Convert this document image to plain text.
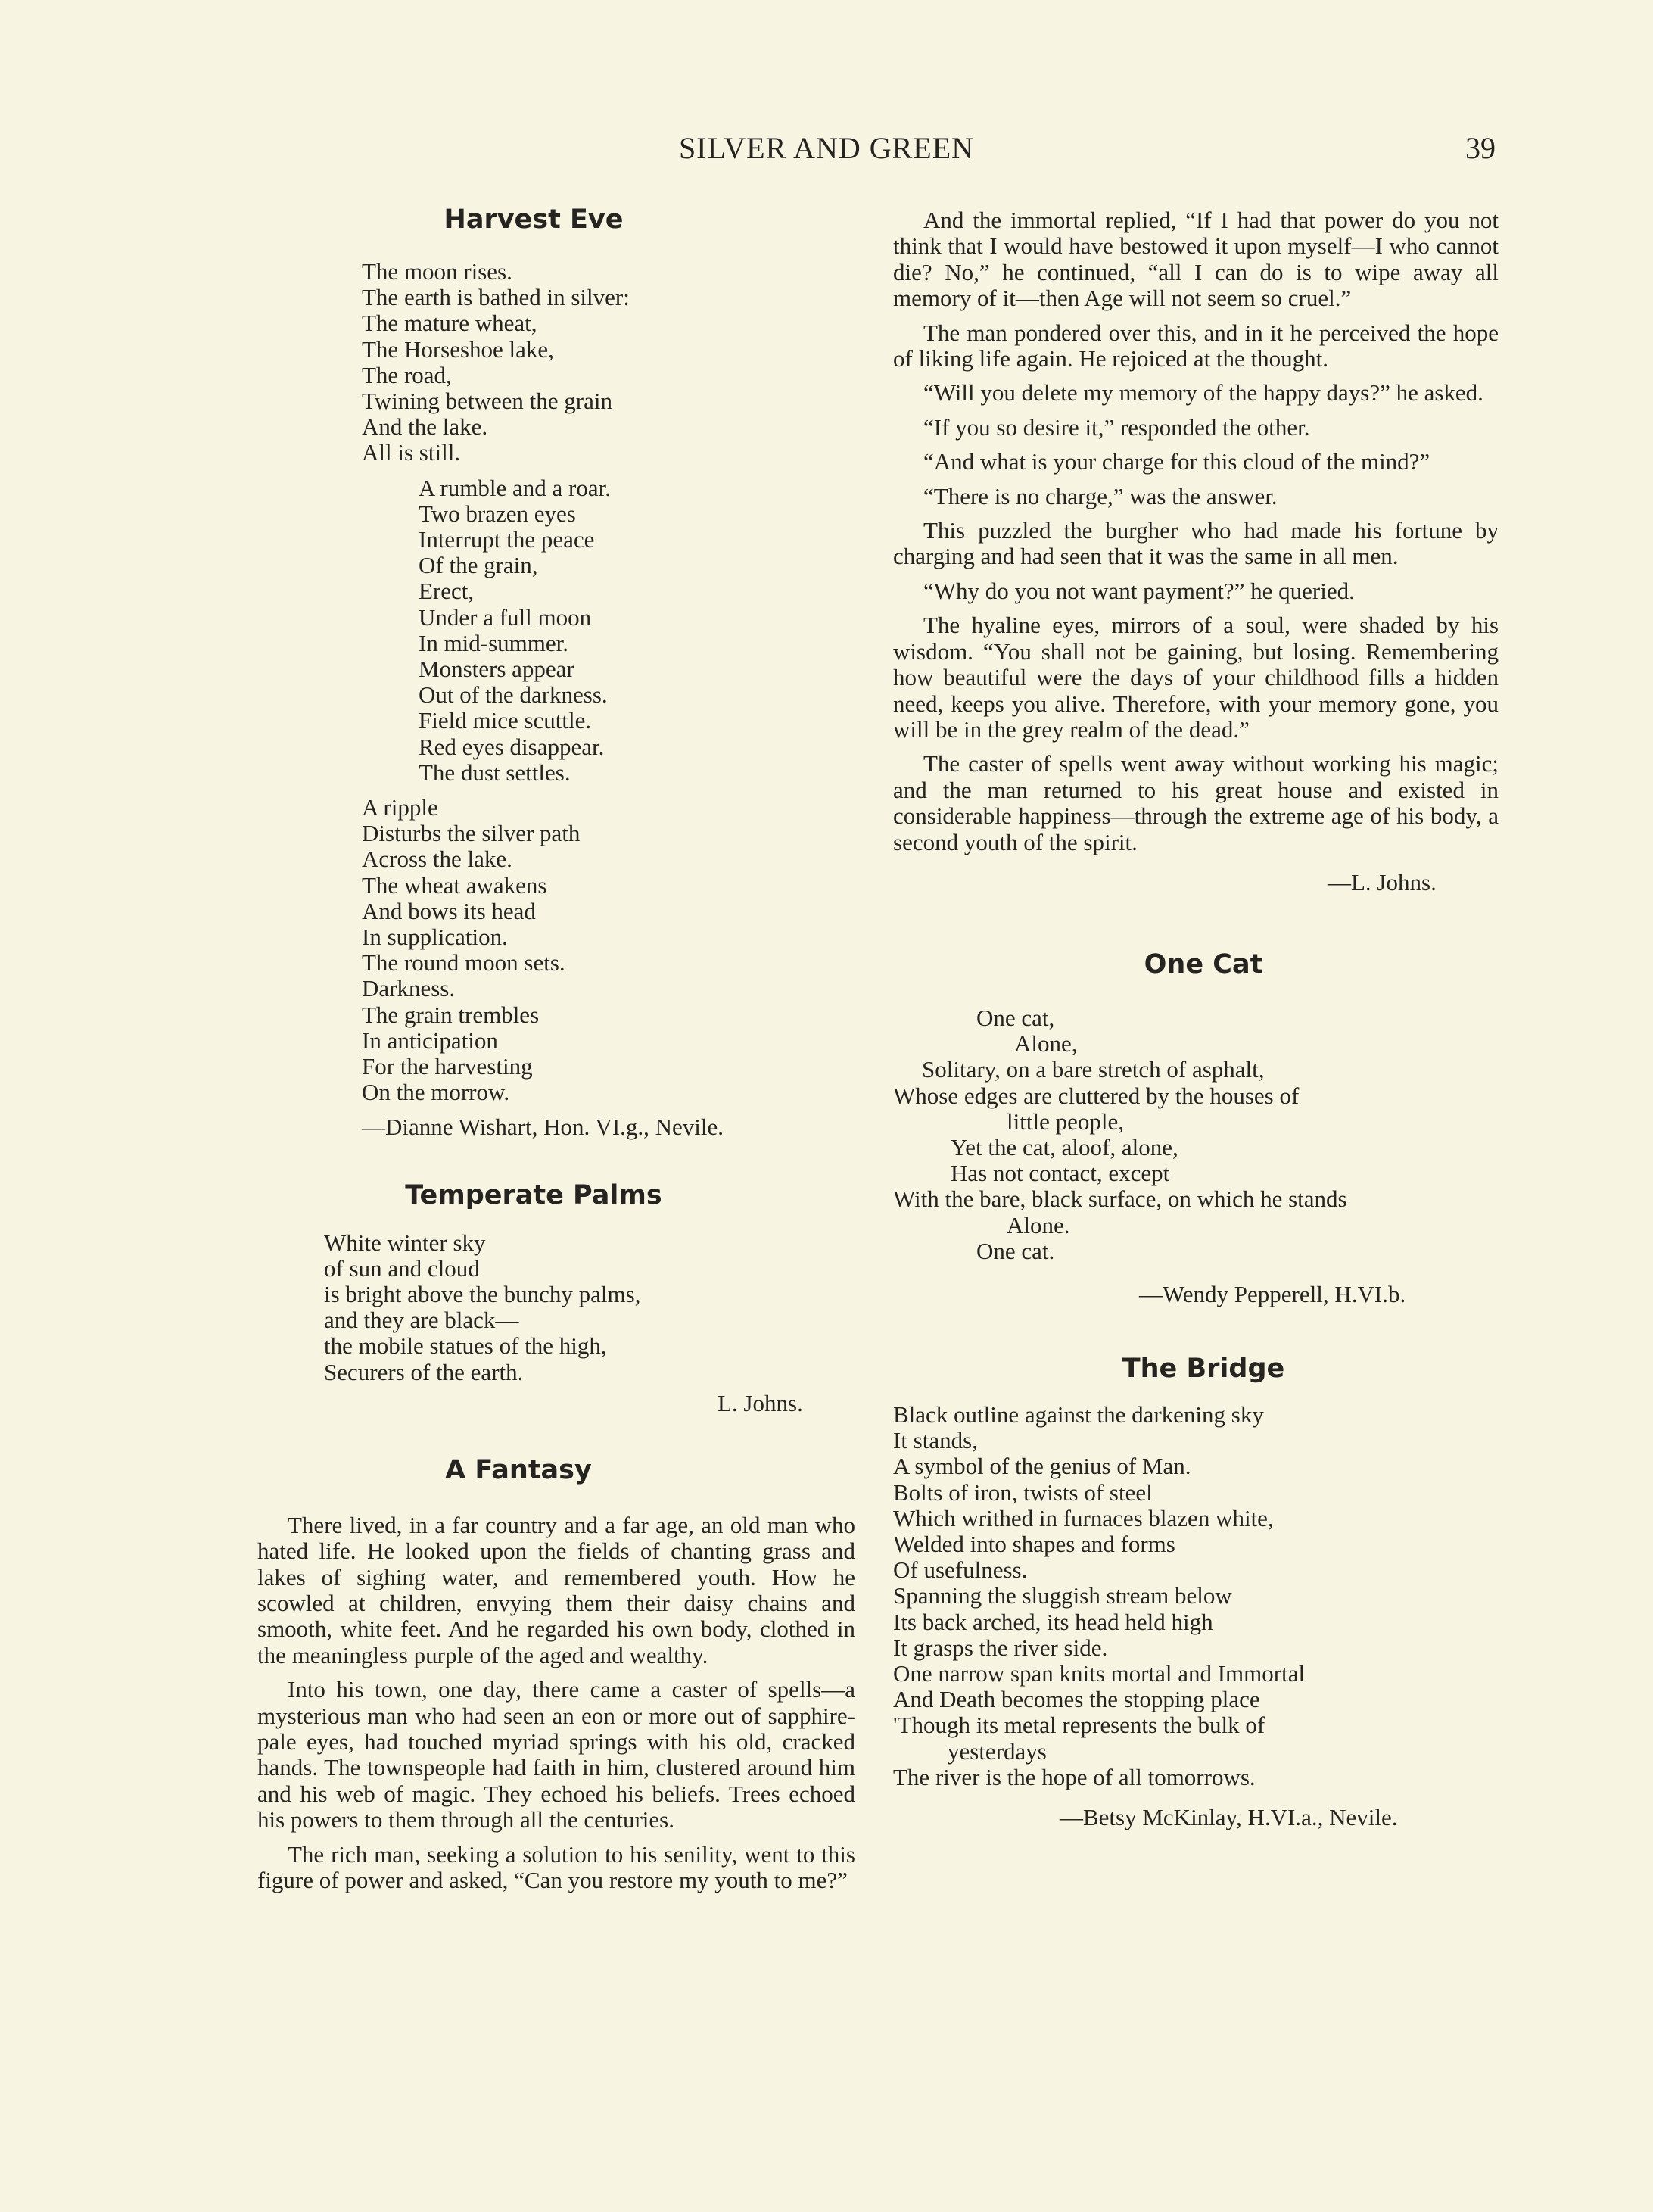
SILVER AND GREEN	39
Harvest Eve
The moon rises.
The earth is bathed in silver:
The mature wheat,
The Horseshoe lake,
The road,
Twining between the grain
And the lake.
All is still.
A rumble and a roar.
Two brazen eyes
Interrupt the peace
Of the grain,
Erect,
Under a full moon
In mid-summer.
Monsters appear
Out of the darkness.
Field mice scuttle.
Red eyes disappear.
The dust settles.
A ripple
Disturbs the silver path
Across the lake.
The wheat awakens
And bows its head
In supplication.
The round moon sets.
Darkness.
The grain trembles
In anticipation
For the harvesting
On the morrow.
—Dianne Wishart, Hon. VI.g., Nevile.
Temperate Palms
White winter sky
of sun and cloud
is bright above the bunchy palms,
and they are black—
the mobile statues of the high,
Securers of the earth.
L. Johns.
A Fantasy

There lived, in a far country and a far age, an old man who hated life. He looked upon the fields of chanting grass and lakes of sighing water, and remembered youth. How he scowled at children, envying them their daisy chains and smooth, white feet. And he regarded his own body, clothed in the meaningless purple of the aged and wealthy.

Into his town, one day, there came a caster of spells—a mysterious man who had seen an eon or more out of sapphire-pale eyes, had touched myriad springs with his old, cracked hands. The townspeople had faith in him, clustered around him and his web of magic. They echoed his beliefs. Trees echoed his powers to them through all the centuries.

The rich man, seeking a solution to his senility, went to this figure of power and asked, “Can you restore my youth to me?”

And the immortal replied, “If I had that power do you not think that I would have bestowed it upon myself—I who cannot die? No,” he continued, “all I can do is to wipe away all memory of it—then Age will not seem so cruel.”

The man pondered over this, and in it he perceived the hope of liking life again. He rejoiced at the thought.

“Will you delete my memory of the happy days?” he asked.

“If you so desire it,” responded the other.

“And what is your charge for this cloud of the mind?”

“There is no charge,” was the answer.

This puzzled the burgher who had made his fortune by charging and had seen that it was the same in all men.

“Why do you not want payment?” he queried.

The hyaline eyes, mirrors of a soul, were shaded by his wisdom. “You shall not be gaining, but losing. Remembering how beautiful were the days of your childhood fills a hidden need, keeps you alive. Therefore, with your memory gone, you will be in the grey realm of the dead.”

The caster of spells went away without working his magic; and the man returned to his great house and existed in considerable happiness—through the extreme age of his body, a second youth of the spirit.

—L. Johns.
One Cat
One cat,
Alone,
Solitary, on a bare stretch of asphalt,
Whose edges are cluttered by the houses of
little people,
Yet the cat, aloof, alone,
Has not contact, except
With the bare, black surface, on which he stands
Alone.
One cat.
—Wendy Pepperell, H.VI.b.
The Bridge
Black outline against the darkening sky
It stands,
A symbol of the genius of Man.
Bolts of iron, twists of steel
Which writhed in furnaces blazen white,
Welded into shapes and forms
Of usefulness.
Spanning the sluggish stream below
Its back arched, its head held high
It grasps the river side.
One narrow span knits mortal and Immortal
And Death becomes the stopping place
'Though its metal represents the bulk of
yesterdays
The river is the hope of all tomorrows.
—Betsy McKinlay, H.VI.a., Nevile.
